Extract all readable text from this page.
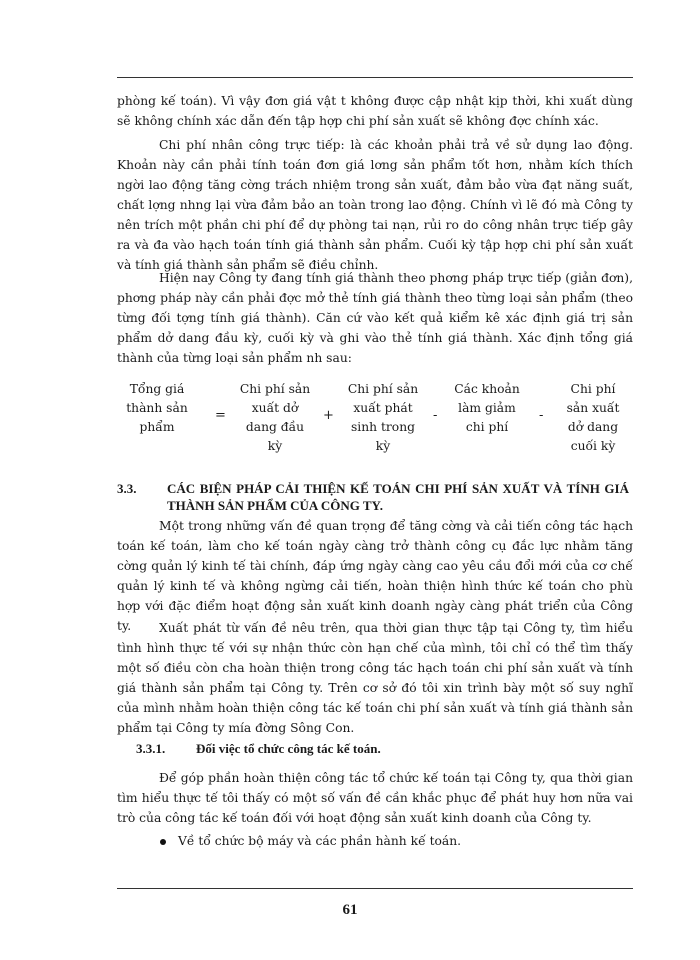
phòng kế toán). Vì vậy đơn giá vật t không được cập nhật kịp thời, khi xuất dùng sẽ không chính xác dẫn đến tập hợp chi phí sản xuất sẽ không đợc chính xác.

Chi phí nhân công trực tiếp: là các khoản phải trả về sử dụng lao động. Khoản này cần phải tính toán đơn giá lơng sản phẩm tốt hơn, nhằm kích thích ngời lao động tăng cờng trách nhiệm trong sản xuất, đảm bảo vừa đạt năng suất, chất lợng nhng lại vừa đảm bảo an toàn trong lao động. Chính vì lẽ đó mà Công ty nên trích một phần chi phí để dự phòng tai nạn, rủi ro do công nhân trực tiếp gây ra và đa vào hạch toán tính giá thành sản phẩm. Cuối kỳ tập hợp chi phí sản xuất và tính giá thành sản phẩm sẽ điều chỉnh.

Hiện nay Công ty đang tính giá thành theo phơng pháp trực tiếp (giản đơn), phơng pháp này cần phải đợc mở thẻ tính giá thành theo từng loại sản phẩm (theo từng đối tợng tính giá thành). Căn cứ vào kết quả kiểm kê xác định giá trị sản phẩm dở dang đầu kỳ, cuối kỳ và ghi vào thẻ tính giá thành. Xác định tổng giá thành của từng loại sản phẩm nh sau:

Tổng giá
thành sản
phẩm
=
Chi phí sản
xuất dở
dang đầu
kỳ
+
Chi phí sản
xuất phát
sinh trong
kỳ
-
Các khoản
làm giảm
chi phí
-
Chi phí
sản xuất
dở dang
cuối kỳ
3.3. CÁC BIỆN PHÁP CẢI THIỆN KẾ TOÁN CHI PHÍ SẢN XUẤT VÀ TÍNH GIÁ THÀNH SẢN PHẨM CỦA CÔNG TY.

Một trong những vấn đề quan trọng để tăng cờng và cải tiến công tác hạch toán kế toán, làm cho kế toán ngày càng trở thành công cụ đắc lực nhằm tăng cờng quản lý kinh tế tài chính, đáp ứng ngày càng cao yêu cầu đổi mới của cơ chế quản lý kinh tế và không ngừng cải tiến, hoàn thiện hình thức kế toán cho phù hợp với đặc điểm hoạt động sản xuất kinh doanh ngày càng phát triển của Công ty.	Xuất phát từ vấn đề nêu trên, qua thời gian thực tập tại Công ty, tìm hiểu tình hình thực tế với sự nhận thức còn hạn chế của mình, tôi chỉ có thể tìm thấy một số điều còn cha hoàn thiện trong công tác hạch toán chi phí sản xuất và tính giá thành sản phẩm tại Công ty. Trên cơ sở đó tôi xin trình bày một số suy nghĩ của mình nhằm hoàn thiện công tác kế toán chi phí sản xuất và tính giá thành sản phẩm tại Công ty mía đờng Sông Con.

3.3.1. Đối việc tổ chức công tác kế toán.

Để góp phần hoàn thiện công tác tổ chức kế toán tại Công ty, qua thời gian tìm hiểu thực tế tôi thấy có một số vấn đề cần khắc phục để phát huy hơn nữa vai trò của công tác kế toán đối với hoạt động sản xuất kinh doanh của Công ty.

Về tổ chức bộ máy và các phần hành kế toán.
61
